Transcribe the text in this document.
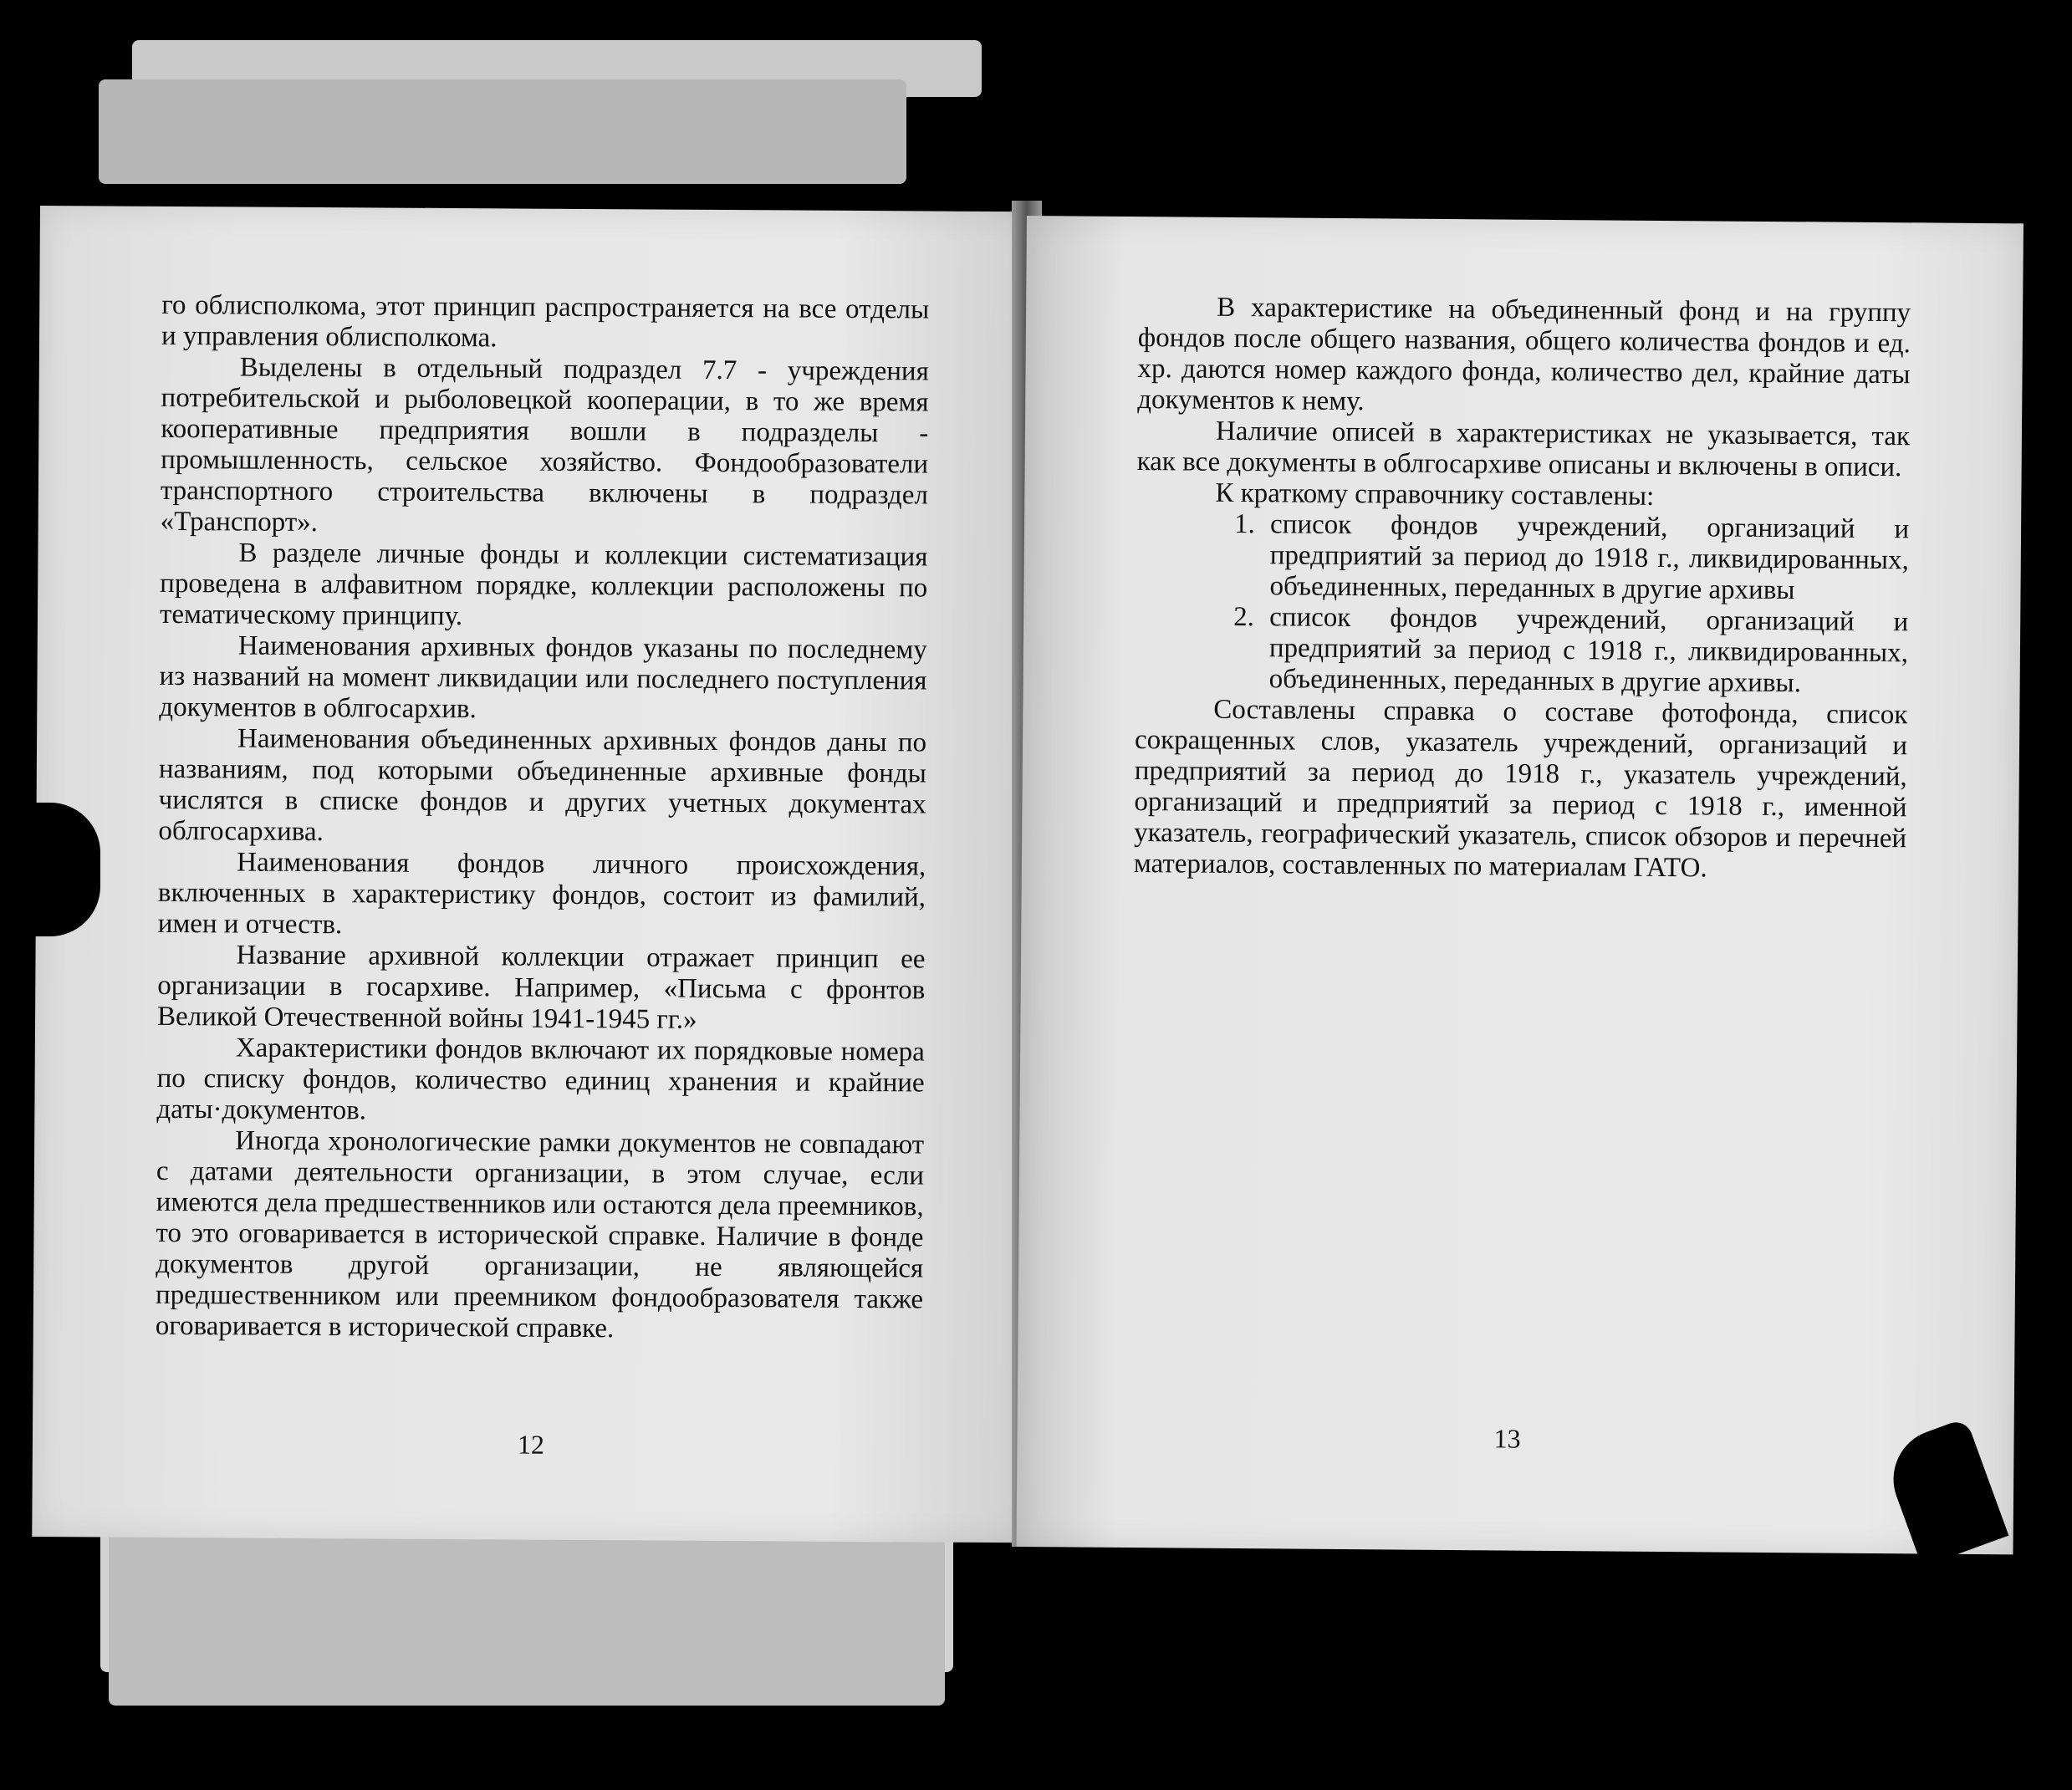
го облисполкома, этот принцип распространяется на все отделы и управления облисполкома.

Выделены в отдельный подраздел 7.7 - учреждения потребительской и рыболовецкой кооперации, в то же время кооперативные предприятия вошли в подразделы - промышленность, сельское хозяйство. Фондообразователи транспортного строительства включены в подраздел «Транспорт».

В разделе личные фонды и коллекции систематизация проведена в алфавитном порядке, коллекции расположены по тематическому принципу.

Наименования архивных фондов указаны по последнему из названий на момент ликвидации или последнего поступления документов в облгосархив.

Наименования объединенных архивных фондов даны по названиям, под которыми объединенные архивные фонды числятся в списке фондов и других учетных документах облгосархива.

Наименования фондов личного происхождения, включенных в характеристику фондов, состоит из фамилий, имен и отчеств.

Название архивной коллекции отражает принцип ее организации в госархиве. Например, «Письма с фронтов Великой Отечественной войны 1941-1945 гг.»

Характеристики фондов включают их порядковые номера по списку фондов, количество единиц хранения и крайние даты·документов.

Иногда хронологические рамки документов не совпадают с датами деятельности организации, в этом случае, если имеются дела предшественников или остаются дела преемников, то это оговаривается в исторической справке. Наличие в фонде документов другой организации, не являющейся предшественником или преемником фондообразователя также оговаривается в исторической справке.

12

В характеристике на объединенный фонд и на группу фондов после общего названия, общего количества фондов и ед. хр. даются номер каждого фонда, количество дел, крайние даты документов к нему.

Наличие описей в характеристиках не указывается, так как все документы в облгосархиве описаны и включены в описи.

К краткому справочнику составлены:

1. список фондов учреждений, организаций и предприятий за период до 1918 г., ликвидированных, объединенных, переданных в другие архивы
2. список фондов учреждений, организаций и предприятий за период с 1918 г., ликвидированных, объединенных, переданных в другие архивы.

Составлены справка о составе фотофонда, список сокращенных слов, указатель учреждений, организаций и предприятий за период до 1918 г., указатель учреждений, организаций и предприятий за период с 1918 г., именной указатель, географический указатель, список обзоров и перечней материалов, составленных по материалам ГАТО.

13
